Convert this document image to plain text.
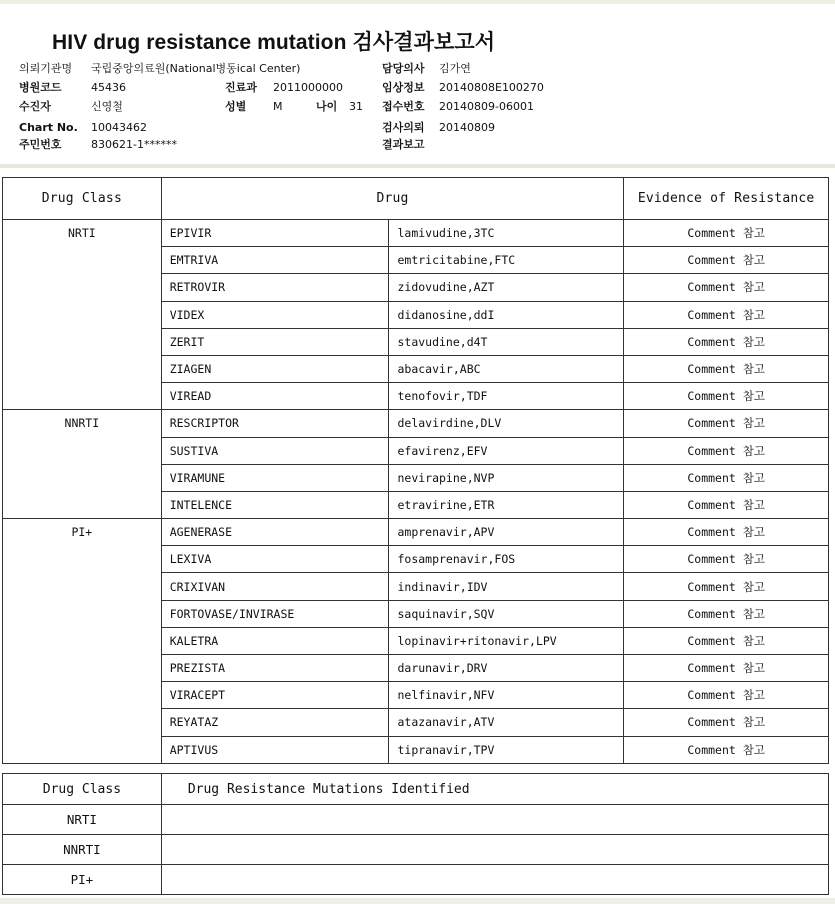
HIV drug resistance mutation 검사결과보고서
의뢰기관명 국립중앙의료원(National병동ical Center)
병원코드	45436
수진자	신영철
Chart No. 10043462
주민번호	830621-1******
진료과 2011000000
성별 M	나이 31
담당의사 김가연
임상정보 20140808E100270
접수번호 20140809-06001
검사의뢰 20140809
결과보고
Drug Class	Drug		Evidence of Resistance
NRTI	EPIVIR	lamivudine,3TC	Comment 참고
	EMTRIVA	emtricitabine,FTC	Comment 참고
	RETROVIR	zidovudine,AZT	Comment 참고
	VIDEX	didanosine,ddI	Comment 참고
	ZERIT	stavudine,d4T	Comment 참고
	ZIAGEN	abacavir,ABC	Comment 참고
	VIREAD	tenofovir,TDF	Comment 참고
NNRTI	RESCRIPTOR	delavirdine,DLV	Comment 참고
	SUSTIVA	efavirenz,EFV	Comment 참고
	VIRAMUNE	nevirapine,NVP	Comment 참고
	INTELENCE	etravirine,ETR	Comment 참고
PI+	AGENERASE	amprenavir,APV	Comment 참고
	LEXIVA	fosamprenavir,FOS	Comment 참고
	CRIXIVAN	indinavir,IDV	Comment 참고
	FORTOVASE/INVIRASE	saquinavir,SQV	Comment 참고
	KALETRA	lopinavir+ritonavir,LPV	Comment 참고
	PREZISTA	darunavir,DRV	Comment 참고
	VIRACEPT	nelfinavir,NFV	Comment 참고
	REYATAZ	atazanavir,ATV	Comment 참고
	APTIVUS	tipranavir,TPV	Comment 참고
Drug Class	Drug Resistance Mutations Identified
NRTI	
NNRTI	
PI+	
